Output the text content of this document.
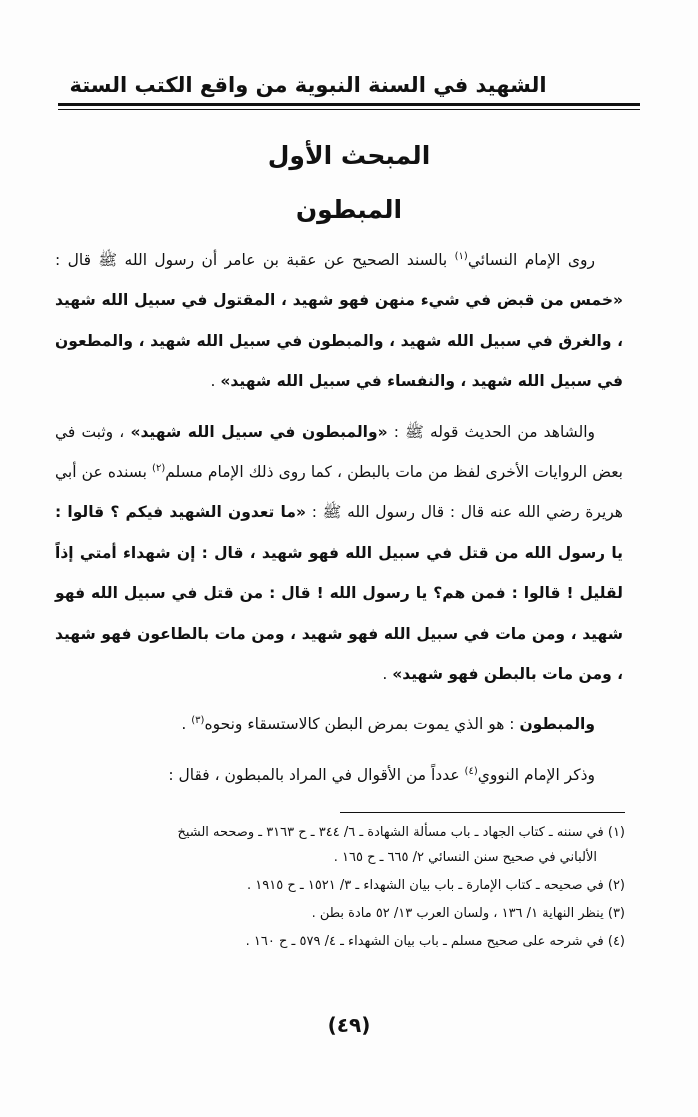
الشهيد في السنة النبوية من واقع الكتب الستة
المبحث الأول
المبطون

روى الإمام النسائي$^{(١)}$ بالسند الصحيح عن عقبة بن عامر أن رسول الله ﷺ قال : «خمس من قبض في شيء منهن فهو شهيد ، المقتول في سبيل الله شهيد ، والغرق في سبيل الله شهيد ، والمبطون في سبيل الله شهيد ، والمطعون في سبيل الله شهيد ، والنفساء في سبيل الله شهيد» .

والشاهد من الحديث قوله ﷺ : «والمبطون في سبيل الله شهيد» ، وثبت في بعض الروايات الأخرى لفظ من مات بالبطن ، كما روى ذلك الإمام مسلم$^{(٢)}$ بسنده عن أبي هريرة رضي الله عنه قال : قال رسول الله ﷺ : «ما تعدون الشهيد فيكم ؟ قالوا : يا رسول الله من قتل في سبيل الله فهو شهيد ، قال : إن شهداء أمتي إذاً لقليل ! قالوا : فمن هم؟ يا رسول الله ! قال : من قتل في سبيل الله فهو شهيد ، ومن مات في سبيل الله فهو شهيد ، ومن مات بالطاعون فهو شهيد ، ومن مات بالبطن فهو شهيد» .

والمبطون : هو الذي يموت بمرض البطن كالاستسقاء ونحوه$^{(٣)}$ .

وذكر الإمام النووي$^{(٤)}$ عدداً من الأقوال في المراد بالمبطون ، فقال :

(١) في سننه ـ كتاب الجهاد ـ باب مسألة الشهادة ـ ٦/ ٣٤٤ ـ ح ٣١٦٣ ـ وصححه الشيخ
الألباني في صحيح سنن النسائي ٢/ ٦٦٥ ـ ح ١٦٥ .
(٢) في صحيحه ـ كتاب الإمارة ـ باب بيان الشهداء ـ ٣/ ١٥٢١ ـ ح ١٩١٥ .
(٣) ينظر النهاية ١/ ١٣٦ ، ولسان العرب ١٣/ ٥٢ مادة بطن .
(٤) في شرحه على صحيح مسلم ـ باب بيان الشهداء ـ ٤/ ٥٧٩ ـ ح ١٦٠ .
(٤٩)
